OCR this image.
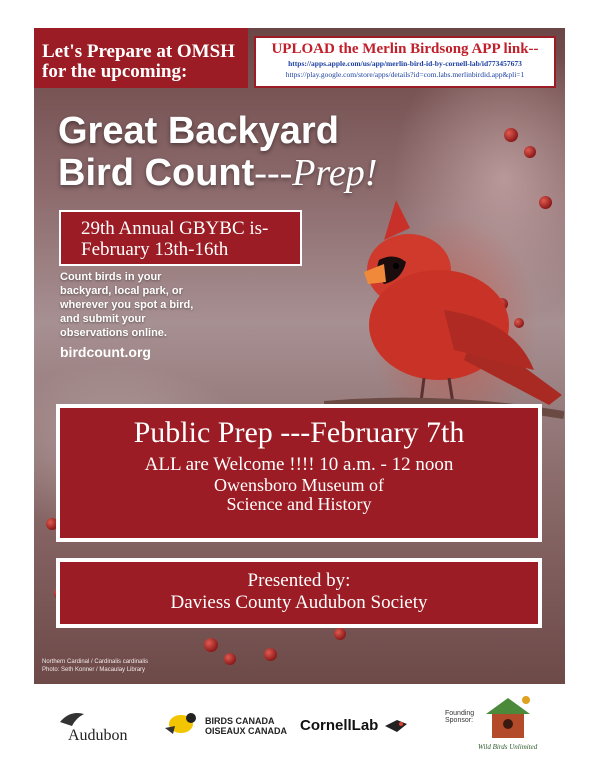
Let's Prepare at OMSH
for the upcoming:
UPLOAD the Merlin Birdsong APP link--
https://apps.apple.com/us/app/merlin-bird-id-by-cornell-lab/id773457673
https://play.google.com/store/apps/details?id=com.labs.merlinbirdid.app&pli=1
Great Backyard
Bird Count---Prep!
29th Annual GBYBC is-
February 13th-16th
Count birds in your backyard, local park, or wherever you spot a bird, and submit your observations online.
birdcount.org
Public Prep ---February 7th
ALL are Welcome !!!! 10 a.m. - 12 noon
Owensboro Museum of
Science and History
Presented by:
Daviess County Audubon Society
Northern Cardinal / Cardinalis cardinalis
Photo: Seth Konner / Macaulay Library
Audubon
BIRDS CANADA
OISEAUX CANADA CornellLab
Founding
Sponsor:
Wild Birds Unlimited
